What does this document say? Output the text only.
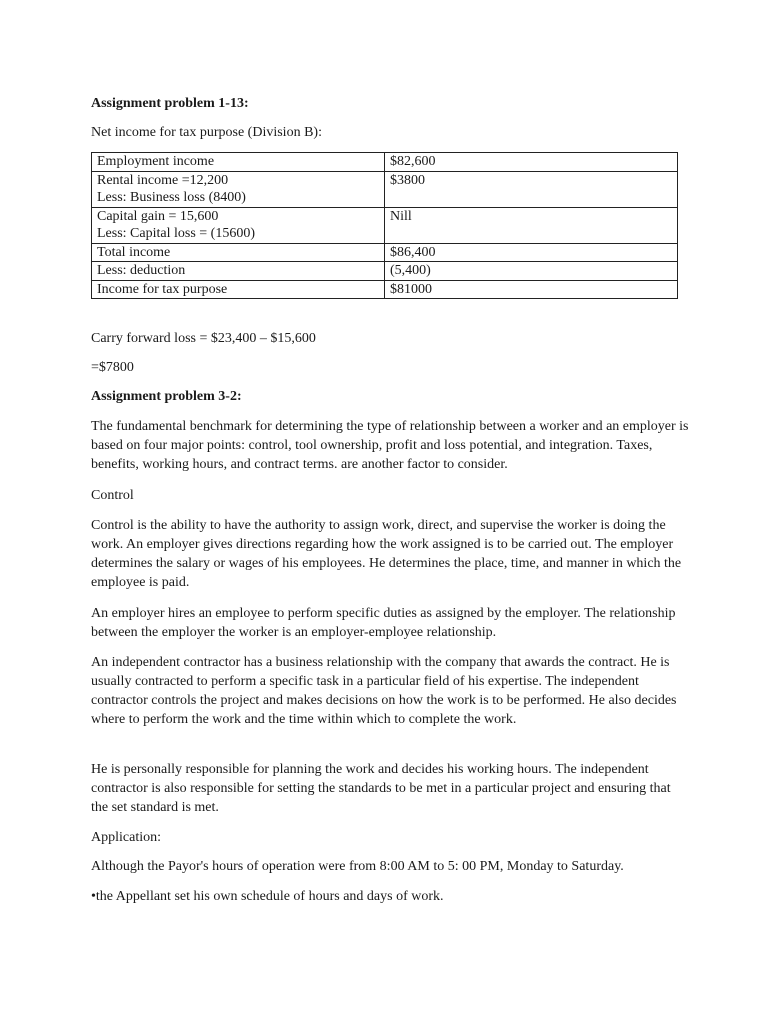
Assignment problem 1-13:

Net income for tax purpose (Division B):

Employment income	$82,600

Rental income =12,200
Less: Business loss (8400)	$3800

Capital gain = 15,600
Less: Capital loss = (15600)	Nill

Total income	$86,400

Less: deduction	(5,400)

Income for tax purpose	$81000

Carry forward loss = $23,400 – $15,600

=$7800

Assignment problem 3-2:

The fundamental benchmark for determining the type of relationship between a worker and an employer is based on four major points: control, tool ownership, profit and loss potential, and integration. Taxes, benefits, working hours, and contract terms. are another factor to consider.

Control

Control is the ability to have the authority to assign work, direct, and supervise the worker is doing the work. An employer gives directions regarding how the work assigned is to be carried out. The employer determines the salary or wages of his employees. He determines the place, time, and manner in which the employee is paid.

An employer hires an employee to perform specific duties as assigned by the employer. The relationship between the employer the worker is an employer-employee relationship.

An independent contractor has a business relationship with the company that awards the contract. He is usually contracted to perform a specific task in a particular field of his expertise. The independent contractor controls the project and makes decisions on how the work is to be performed. He also decides where to perform the work and the time within which to complete the work.

He is personally responsible for planning the work and decides his working hours. The independent contractor is also responsible for setting the standards to be met in a particular project and ensuring that the set standard is met.

Application:

Although the Payor's hours of operation were from 8:00 AM to 5: 00 PM, Monday to Saturday.

•the Appellant set his own schedule of hours and days of work.
